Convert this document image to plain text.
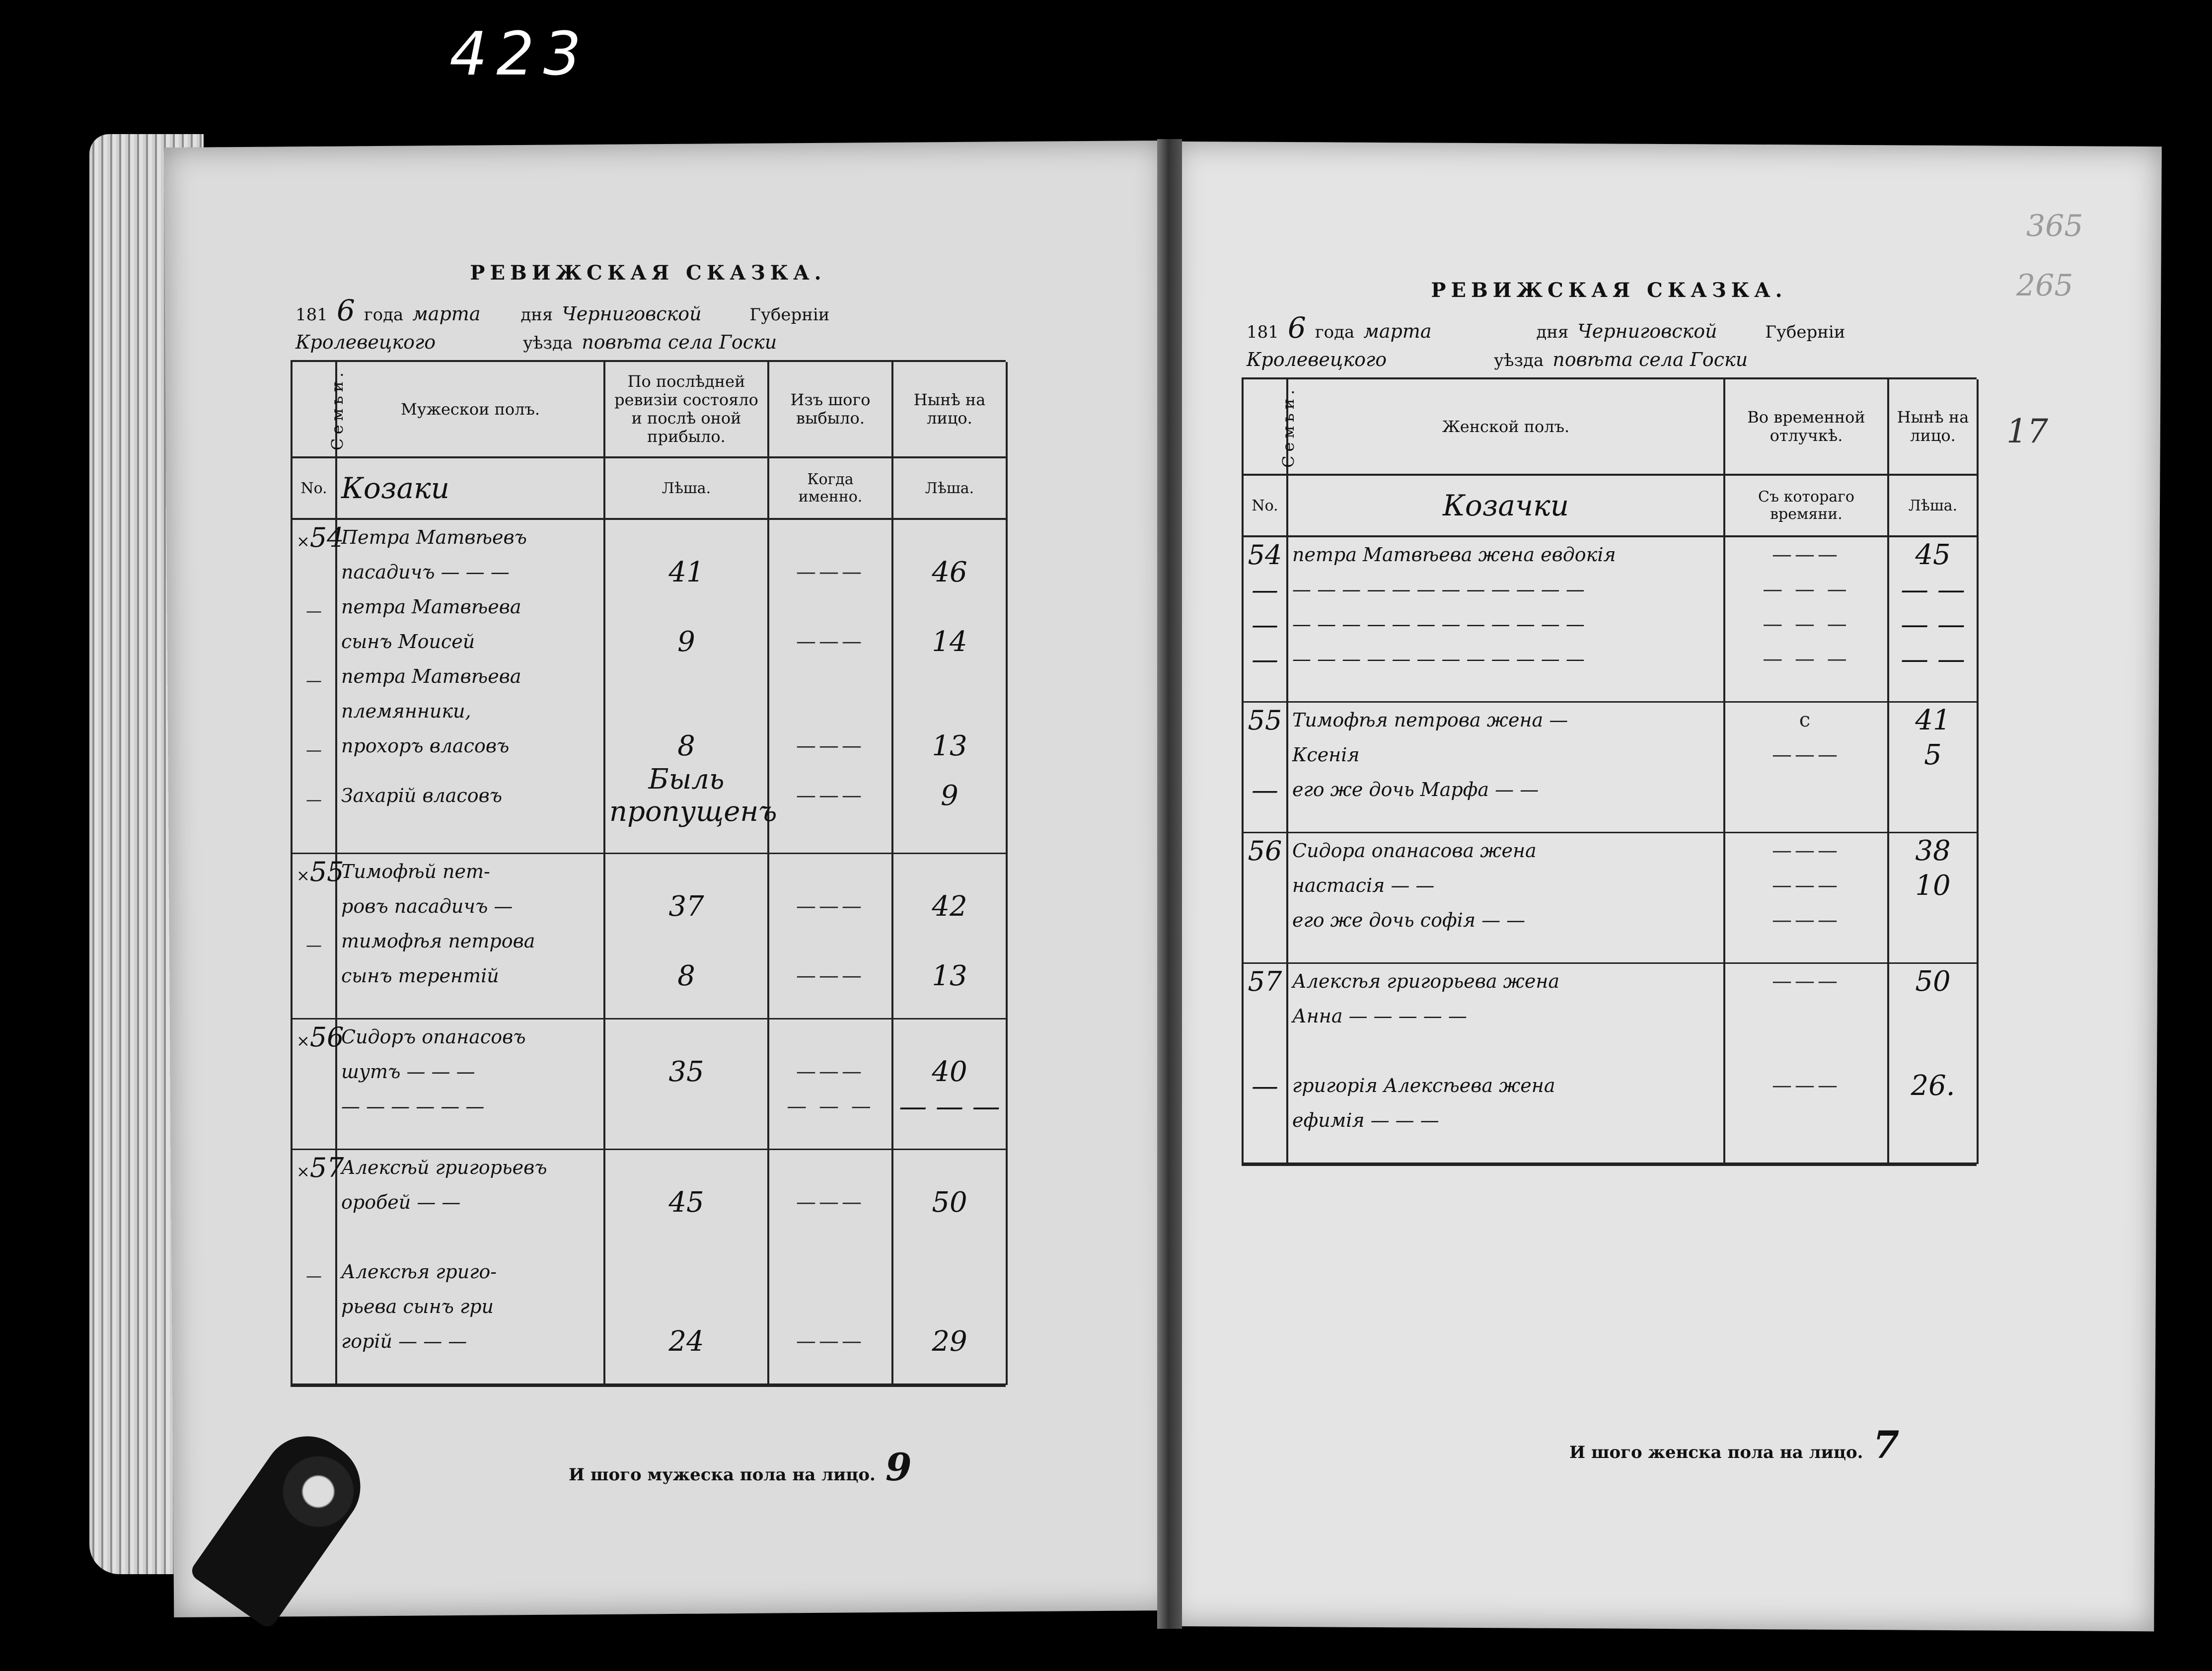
423
365
265
17
РЕВИЖСКАЯ СКАЗКА.
181 6 года марта	дня Черниговской	Губерніи
Кролевецкого	уѣзда повѣта села Госки
Семьи.	Мужескои полъ.	По послѣдней ревизіи состояло и послѣ оной прибыло.	Изъ шого выбыло.	Нынѣ на лицо.
No.	Козаки	Лѣша.	Когда именно.	Лѣша.
×54	Петра Матвѣевъ			
	пасадичъ — — —	41	———	46
—	петра Матвѣева			
	сынъ Моисей	9	———	14
—	петра Матвѣева			
	племянники,			
—	прохоръ власовъ	8	———	13
—	Захарій власовъ	Быль пропущенъ	———	9

×55	Тимофѣй пет-			
	ровъ пасадичъ —	37	———	42
—	тимофѣя петрова			
	сынъ терентій	8	———	13

×56	Сидоръ опанасовъ			
	шутъ — — —	35	———	40
	— — — — — —		— — —	— — —

×57	Алексѣй григорьевъ			
	оробей — —	45	———	50

—	Алексѣя григо-			
	рьева сынъ гри			
	горій — — —	24	———	29

И шого мужеска пола на лицо. 9
РЕВИЖСКАЯ СКАЗКА.
181 6 года марта	дня Черниговской	Губерніи
Кролевецкого	уѣзда повѣта села Госки
Семьи.	Женской полъ.	Во временной отлучкѣ.	Нынѣ на лицо.
No.	Козачки	Съ котораго времяни.	Лѣша.
54	петра Матвѣева жена евдокія	———	45
—	— — — — — — — — — — — —	— — —	— —
—	— — — — — — — — — — — —	— — —	— —
—	— — — — — — — — — — — —	— — —	— —

55	Тимофѣя петрова жена —	с	41
	Ксенія	———	5
—	его же дочь Марфа — —		

56	Сидора опанасова жена	———	38
	настасія — —	———	10
	его же дочь софія — —	———	

57	Алексѣя григорьева жена	———	50
	Анна — — — — —		

—	григорія Алексѣева жена	———	26.
	ефимія — — —		

И шого женска пола на лицо. 7
